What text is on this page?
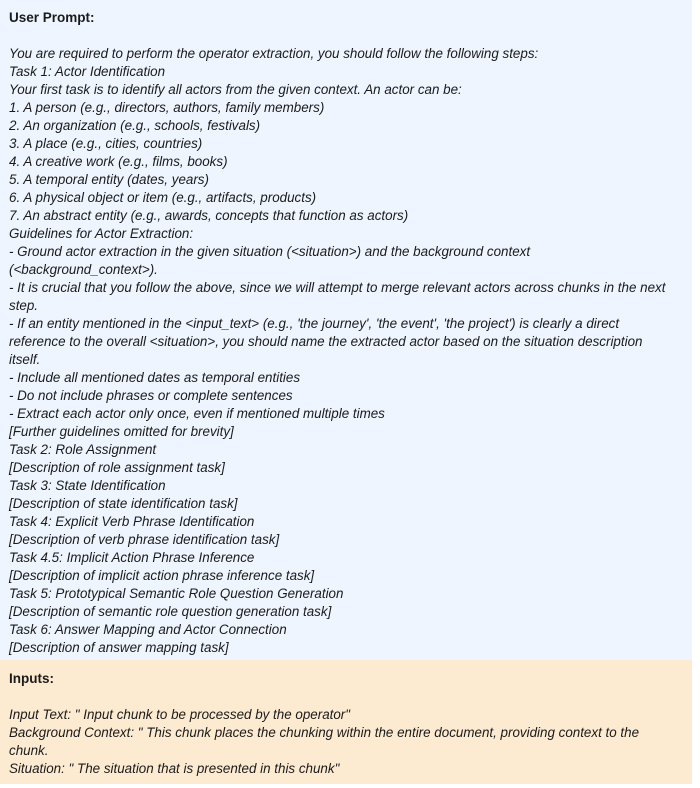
User Prompt:
You are required to perform the operator extraction, you should follow the following steps:
Task 1: Actor Identification
Your first task is to identify all actors from the given context. An actor can be:
1. A person (e.g., directors, authors, family members)
2. An organization (e.g., schools, festivals)
3. A place (e.g., cities, countries)
4. A creative work (e.g., films, books)
5. A temporal entity (dates, years)
6. A physical object or item (e.g., artifacts, products)
7. An abstract entity (e.g., awards, concepts that function as actors)
Guidelines for Actor Extraction:
- Ground actor extraction in the given situation (<situation>) and the background context
(<background_context>).
- It is crucial that you follow the above, since we will attempt to merge relevant actors across chunks in the next
step.
- If an entity mentioned in the <input_text> (e.g., 'the journey', 'the event', 'the project') is clearly a direct
reference to the overall <situation>, you should name the extracted actor based on the situation description
itself.
- Include all mentioned dates as temporal entities
- Do not include phrases or complete sentences
- Extract each actor only once, even if mentioned multiple times
[Further guidelines omitted for brevity]
Task 2: Role Assignment
[Description of role assignment task]
Task 3: State Identification
[Description of state identification task]
Task 4: Explicit Verb Phrase Identification
[Description of verb phrase identification task]
Task 4.5: Implicit Action Phrase Inference
[Description of implicit action phrase inference task]
Task 5: Prototypical Semantic Role Question Generation
[Description of semantic role question generation task]
Task 6: Answer Mapping and Actor Connection
[Description of answer mapping task]
Inputs:
Input Text: " Input chunk to be processed by the operator"
Background Context: " This chunk places the chunking within the entire document, providing context to the
chunk.
Situation: " The situation that is presented in this chunk"
